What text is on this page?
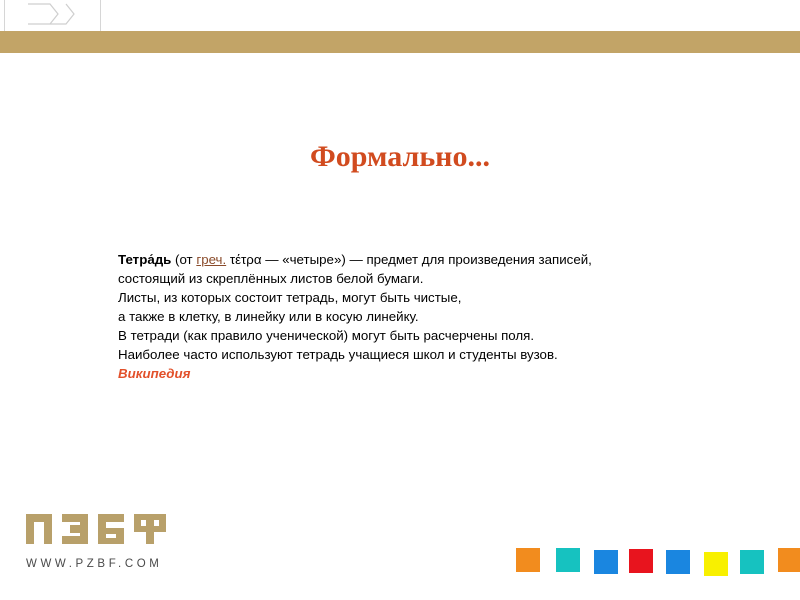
Формально...
Тетра́дь (от греч. τέτρα — «четыре») — предмет для произведения записей,
состоящий из скреплённых листов белой бумаги.
Листы, из которых состоит тетрадь, могут быть чистые,
а также в клетку, в линейку или в косую линейку.
В тетради (как правило ученической) могут быть расчерчены поля.
Наиболее часто используют тетрадь учащиеся школ и студенты вузов.
Википедия
WWW.PZBF.COM
